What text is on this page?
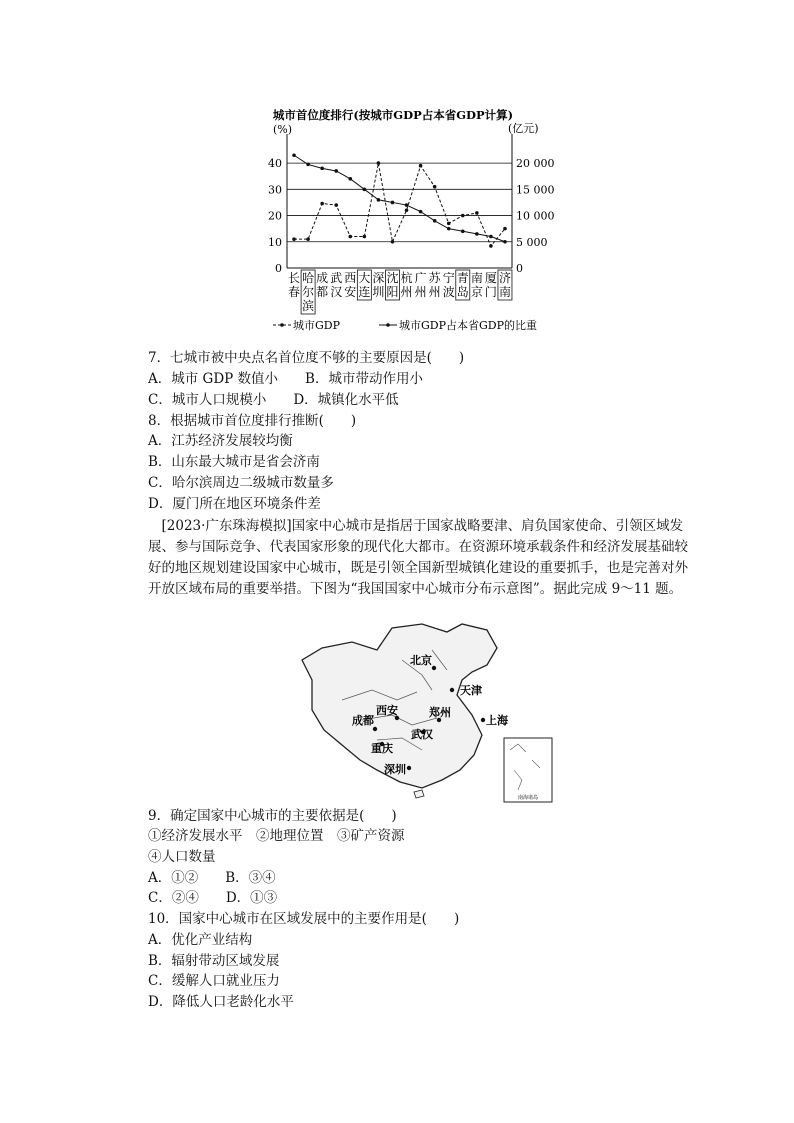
城市首位度排行(按城市GDP占本省GDP计算)
(%)	(亿元)
0
10
20
30
40
0
5 000
10 000
15 000
20 000
长
春
哈
尔
滨
成
都
武
汉
西
安
大
连
深
圳
沈
阳
杭
州
广
州
苏
州
宁
波
青
岛
南
京
厦
门
济
南
城市GDP	城市GDP占本省GDP的比重
7．七城市被中央点名首位度不够的主要原因是(　　)
A．城市 GDP 数值小　　B．城市带动作用小
C．城市人口规模小　　D．城镇化水平低
8．根据城市首位度排行推断(　　)
A．江苏经济发展较均衡
B．山东最大城市是省会济南
C．哈尔滨周边二级城市数量多
D．厦门所在地区环境条件差
　[2023·广东珠海模拟]国家中心城市是指居于国家战略要津、肩负国家使命、引领区域发展、参与国际竞争、代表国家形象的现代化大都市。在资源环境承载条件和经济发展基础较好的地区规划建设国家中心城市，既是引领全国新型城镇化建设的重要抓手，也是完善对外开放区域布局的重要举措。下图为“我国国家中心城市分布示意图”。据此完成 9～11 题。
南海诸岛
北京
天津
上海
西安	郑州
武汉
成都
重庆
深圳
9．确定国家中心城市的主要依据是(　　)
①经济发展水平　②地理位置　③矿产资源
④人口数量
A．①②　　B．③④
C．②④　　D．①③
10．国家中心城市在区域发展中的主要作用是(　　)
A．优化产业结构
B．辐射带动区域发展
C．缓解人口就业压力
D．降低人口老龄化水平
